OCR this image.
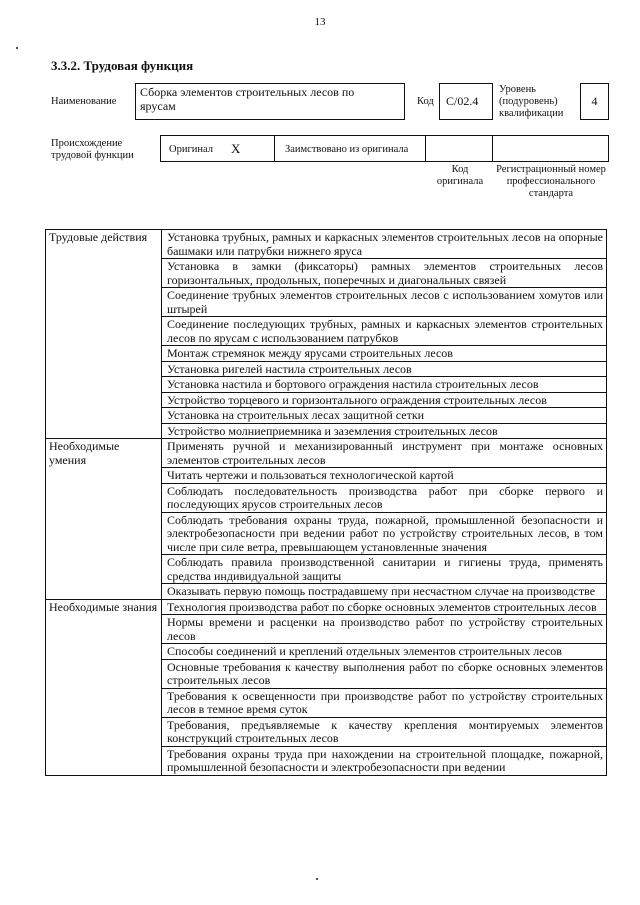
13
3.3.2. Трудовая функция
Наименование
Сборка элементов строительных лесов по ярусам	Код C/02.4
Уровень (подуровень) квалификации
4
Происхождение трудовой функции
Оригинал X	Заимствовано из оригинала
Код оригинала
Регистрационный номер профессионального стандарта
Трудовые действия	Установка трубных, рамных и каркасных элементов строительных лесов на опорные башмаки или патрубки нижнего яруса
	Установка в замки (фиксаторы) рамных элементов строительных лесов горизонтальных, продольных, поперечных и диагональных связей
	Соединение трубных элементов строительных лесов с использованием хомутов или штырей
	Соединение последующих трубных, рамных и каркасных элементов строительных лесов по ярусам с использованием патрубков
	Монтаж стремянок между ярусами строительных лесов
	Установка ригелей настила строительных лесов
	Установка настила и бортового ограждения настила строительных лесов
	Устройство торцевого и горизонтального ограждения строительных лесов
	Установка на строительных лесах защитной сетки
	Устройство молниеприемника и заземления строительных лесов
Необходимые умения	Применять ручной и механизированный инструмент при монтаже основных элементов строительных лесов
	Читать чертежи и пользоваться технологической картой
	Соблюдать последовательность производства работ при сборке первого и последующих ярусов строительных лесов
	Соблюдать требования охраны труда, пожарной, промышленной безопасности и электробезопасности при ведении работ по устройству строительных лесов, в том числе при силе ветра, превышающем установленные значения
	Соблюдать правила производственной санитарии и гигиены труда, применять средства индивидуальной защиты
	Оказывать первую помощь пострадавшему при несчастном случае на производстве
Необходимые знания	Технология производства работ по сборке основных элементов строительных лесов
	Нормы времени и расценки на производство работ по устройству строительных лесов
	Способы соединений и креплений отдельных элементов строительных лесов
	Основные требования к качеству выполнения работ по сборке основных элементов строительных лесов
	Требования к освещенности при производстве работ по устройству строительных лесов в темное время суток
	Требования, предъявляемые к качеству крепления монтируемых элементов конструкций строительных лесов
	Требования охраны труда при нахождении на строительной площадке, пожарной, промышленной безопасности и электробезопасности при ведении
